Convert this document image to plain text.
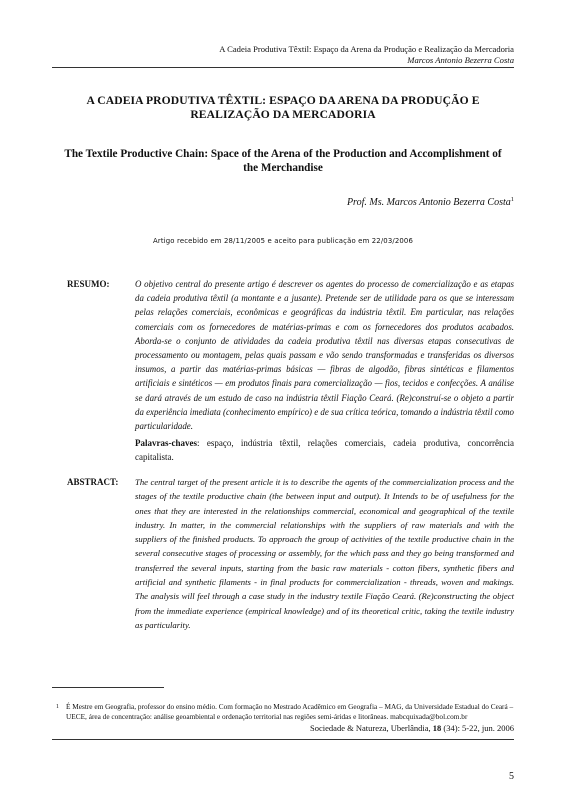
A Cadeia Produtiva Têxtil: Espaço da Arena da Produção e Realização da Mercadoria
Marcos Antonio Bezerra Costa
A CADEIA PRODUTIVA TÊXTIL: ESPAÇO DA ARENA DA PRODUÇÃO E REALIZAÇÃO DA MERCADORIA
The Textile Productive Chain: Space of the Arena of the Production and Accomplishment of the Merchandise
Prof. Ms. Marcos Antonio Bezerra Costa$^1$
Artigo recebido em 28/11/2005 e aceito para publicação em 22/03/2006
RESUMO:	O objetivo central do presente artigo é descrever os agentes do processo de comercialização e as etapas da cadeia produtiva têxtil (a montante e a jusante). Pretende ser de utilidade para os que se interessam pelas relações comerciais, econômicas e geográficas da indústria têxtil. Em particular, nas relações comerciais com os fornecedores de matérias-primas e com os fornecedores dos produtos acabados. Aborda-se o conjunto de atividades da cadeia produtiva têxtil nas diversas etapas consecutivas de processamento ou montagem, pelas quais passam e vão sendo transformadas e transferidas os diversos insumos, a partir das matérias-primas básicas — fibras de algodão, fibras sintéticas e filamentos artificiais e sintéticos — em produtos finais para comercialização — fios, tecidos e confecções. A análise se dará através de um estudo de caso na indústria têxtil Fiação Ceará. (Re)construí-se o objeto a partir da experiência imediata (conhecimento empírico) e de sua crítica teórica, tomando a indústria têxtil como particularidade.

Palavras-chaves: espaço, indústria têxtil, relações comerciais, cadeia produtiva, concorrência capitalista.

ABSTRACT: The central target of the present article it is to describe the agents of the commercialization process and the stages of the textile productive chain (the between input and output). It Intends to be of usefulness for the ones that they are interested in the relationships commercial, economical and geographical of the textile industry. In matter, in the commercial relationships with the suppliers of raw materials and with the suppliers of the finished products. To approach the group of activities of the textile productive chain in the several consecutive stages of processing or assembly, for the which pass and they go being transformed and transferred the several inputs, starting from the basic raw materials - cotton fibers, synthetic fibers and artificial and synthetic filaments - in final products for commercialization - threads, woven and makings. The analysis will feel through a case study in the industry textile Fiação Ceará. (Re)constructing the object from the immediate experience (empirical knowledge) and of its theoretical critic, taking the textile industry as particularity.

1 É Mestre em Geografia, professor do ensino médio. Com formação no Mestrado Acadêmico em Geografia – MAG, da Universidade Estadual do Ceará – UECE, área de concentração: análise geoambiental e ordenação territorial nas regiões semi-áridas e litorâneas. mabcquixada@bol.com.br
Sociedade & Natureza, Uberlândia, 18 (34): 5-22, jun. 2006
5
